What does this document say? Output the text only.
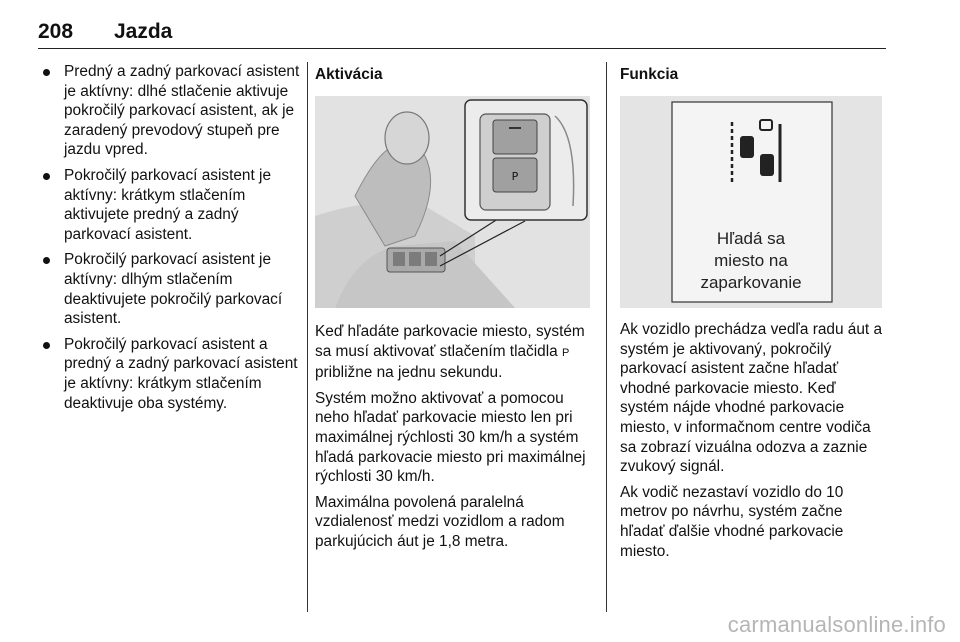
208 Jazda
Predný a zadný parkovací asistent je aktívny: dlhé stlačenie aktivuje pokročilý parkovací asistent, ak je zaradený prevodový stupeň pre jazdu vpred.
Pokročilý parkovací asistent je aktívny: krátkym stlačením aktivujete predný a zadný parkovací asistent.
Pokročilý parkovací asistent je aktívny: dlhým stlačením deaktivujete pokročilý parkovací asistent.
Pokročilý parkovací asistent a predný a zadný parkovací asistent je aktívny: krátkym stlačením deaktivuje oba systémy.
Aktivácia
P

Keď hľadáte parkovacie miesto, systém sa musí aktivovať stlačením tlačidla P približne na jednu sekundu.

Systém možno aktivovať a pomocou neho hľadať parkovacie miesto len pri maximálnej rýchlosti 30 km/h a systém hľadá parkovacie miesto pri maximálnej rýchlosti 30 km/h.

Maximálna povolená paralelná vzdialenosť medzi vozidlom a radom parkujúcich áut je 1,8 metra.

Funkcia
Hľadá sa
miesto na
zaparkovanie

Ak vozidlo prechádza vedľa radu áut a systém je aktivovaný, pokročilý parkovací asistent začne hľadať vhodné parkovacie miesto. Keď systém nájde vhodné parkovacie miesto, v informačnom centre vodiča sa zobrazí vizuálna odozva a zaznie zvukový signál.

Ak vodič nezastaví vozidlo do 10 metrov po návrhu, systém začne hľadať ďalšie vhodné parkovacie miesto.

carmanualsonline.info
